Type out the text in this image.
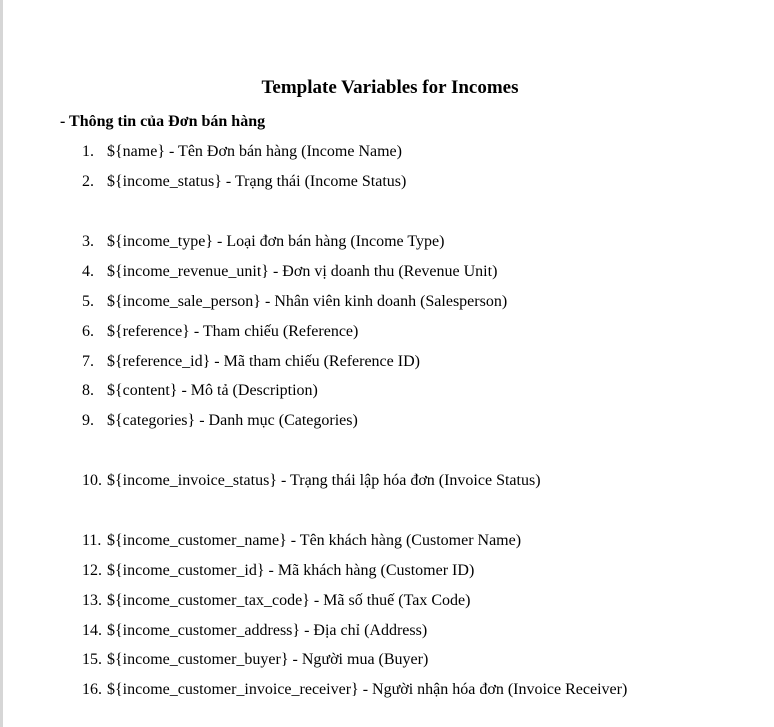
Template Variables for Incomes
- Thông tin của Đơn bán hàng
1. ${name} - Tên Đơn bán hàng (Income Name)
2. ${income_status} - Trạng thái (Income Status)
3. ${income_type} - Loại đơn bán hàng (Income Type)
4. ${income_revenue_unit} - Đơn vị doanh thu (Revenue Unit)
5. ${income_sale_person} - Nhân viên kinh doanh (Salesperson)
6. ${reference} - Tham chiếu (Reference)
7. ${reference_id} - Mã tham chiếu (Reference ID)
8. ${content} - Mô tả (Description)
9. ${categories} - Danh mục (Categories)
10. ${income_invoice_status} - Trạng thái lập hóa đơn (Invoice Status)
11. ${income_customer_name} - Tên khách hàng (Customer Name)
12. ${income_customer_id} - Mã khách hàng (Customer ID)
13. ${income_customer_tax_code} - Mã số thuế (Tax Code)
14. ${income_customer_address} - Địa chỉ (Address)
15. ${income_customer_buyer} - Người mua (Buyer)
16. ${income_customer_invoice_receiver} - Người nhận hóa đơn (Invoice Receiver)
